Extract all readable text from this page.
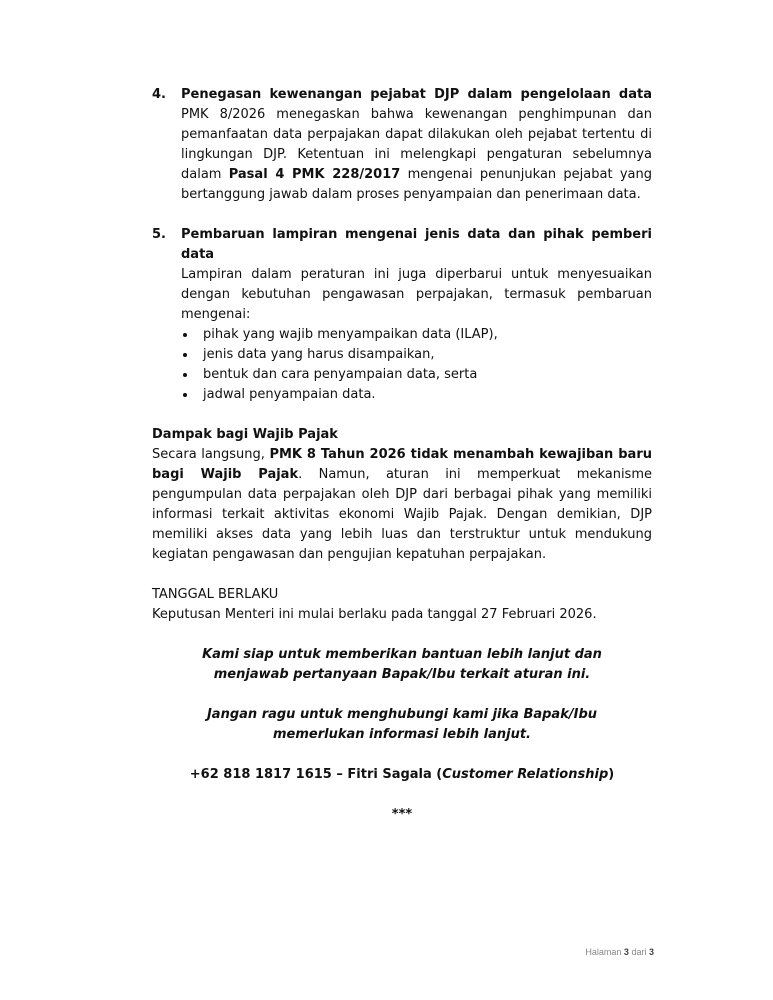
4. Penegasan kewenangan pejabat DJP dalam pengelolaan data
PMK 8/2026 menegaskan bahwa kewenangan penghimpunan dan pemanfaatan data perpajakan dapat dilakukan oleh pejabat tertentu di lingkungan DJP. Ketentuan ini melengkapi pengaturan sebelumnya dalam Pasal 4 PMK 228/2017 mengenai penunjukan pejabat yang bertanggung jawab dalam proses penyampaian dan penerimaan data.
5. Pembaruan lampiran mengenai jenis data dan pihak pemberi data
Lampiran dalam peraturan ini juga diperbarui untuk menyesuaikan dengan kebutuhan pengawasan perpajakan, termasuk pembaruan mengenai:
pihak yang wajib menyampaikan data (ILAP),
jenis data yang harus disampaikan,
bentuk dan cara penyampaian data, serta
jadwal penyampaian data.
Dampak bagi Wajib Pajak
Secara langsung, PMK 8 Tahun 2026 tidak menambah kewajiban baru bagi Wajib Pajak. Namun, aturan ini memperkuat mekanisme pengumpulan data perpajakan oleh DJP dari berbagai pihak yang memiliki informasi terkait aktivitas ekonomi Wajib Pajak. Dengan demikian, DJP memiliki akses data yang lebih luas dan terstruktur untuk mendukung kegiatan pengawasan dan pengujian kepatuhan perpajakan.
TANGGAL BERLAKU
Keputusan Menteri ini mulai berlaku pada tanggal 27 Februari 2026.
Kami siap untuk memberikan bantuan lebih lanjut dan
menjawab pertanyaan Bapak/Ibu terkait aturan ini.
Jangan ragu untuk menghubungi kami jika Bapak/Ibu
memerlukan informasi lebih lanjut.
+62 818 1817 1615 – Fitri Sagala (Customer Relationship)
***
Halaman 3 dari 3
